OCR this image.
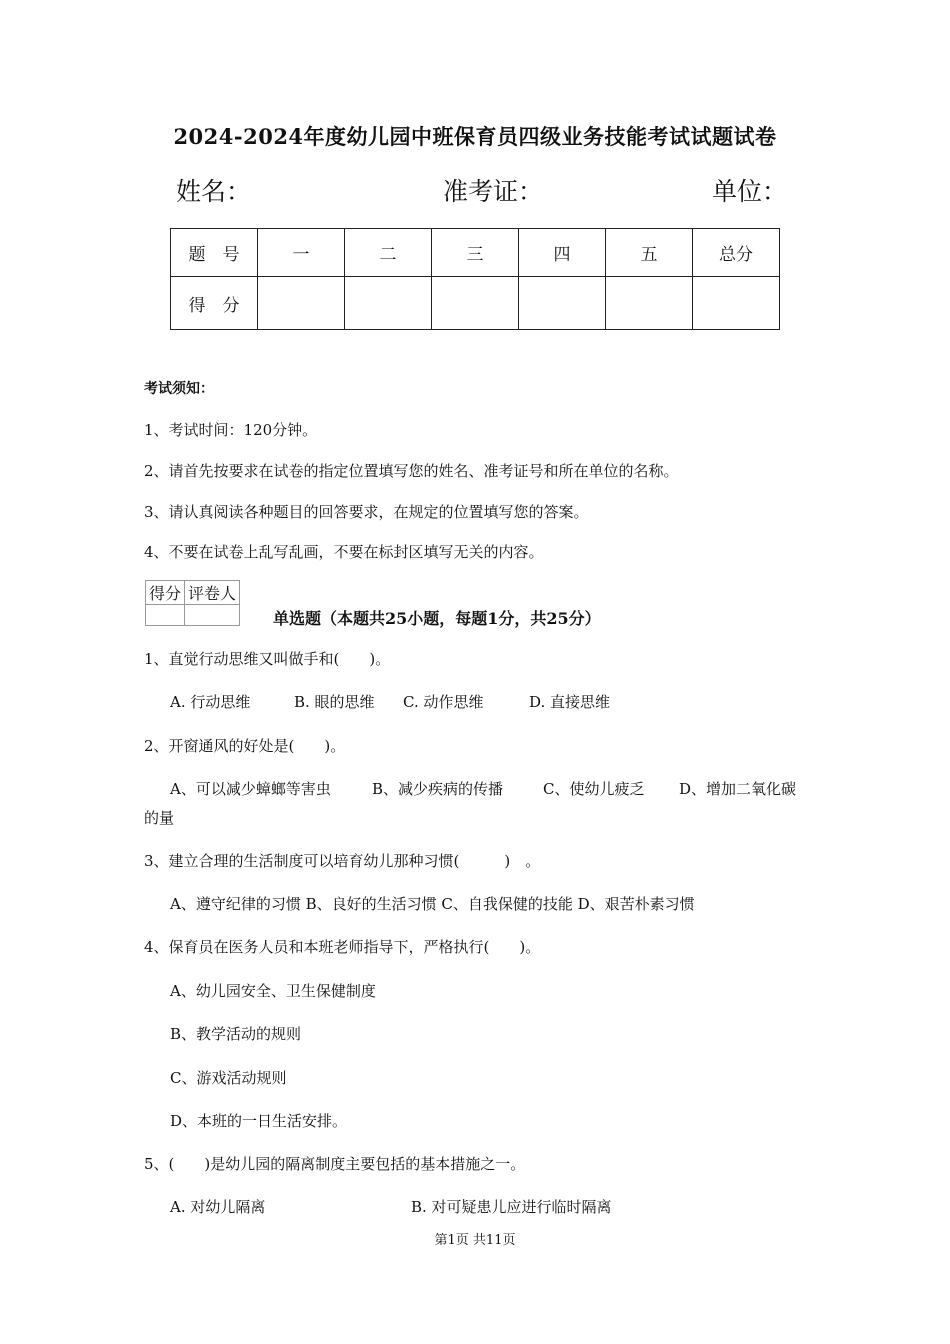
2024-2024年度幼儿园中班保育员四级业务技能考试试题试卷
姓名：	准考证：	单位：
题　号	一	二	三	四	五	总分
得　分						
考试须知：
1、考试时间：120分钟。
2、请首先按要求在试卷的指定位置填写您的姓名、准考证号和所在单位的名称。
3、请认真阅读各种题目的回答要求，在规定的位置填写您的答案。
4、不要在试卷上乱写乱画，不要在标封区填写无关的内容。
得分	评卷人

单选题（本题共25小题，每题1分，共25分）
1、直觉行动思维又叫做手和(　　)。
A. 行动思维	B. 眼的思维 C. 动作思维	D. 直接思维
2、开窗通风的好处是(　　)。
A、可以减少蟑螂等害虫	B、减少疾病的传播	C、使幼儿疲乏 D、增加二氧化碳
的量
3、建立合理的生活制度可以培育幼儿那种习惯(　　　)　。
A、遵守纪律的习惯 B、良好的生活习惯 C、自我保健的技能 D、艰苦朴素习惯
4、保育员在医务人员和本班老师指导下，严格执行(　　)。
A、幼儿园安全、卫生保健制度
B、教学活动的规则
C、游戏活动规则
D、本班的一日生活安排。
5、(　　)是幼儿园的隔离制度主要包括的基本措施之一。
A. 对幼儿隔离	B. 对可疑患儿应进行临时隔离
第1页 共11页
